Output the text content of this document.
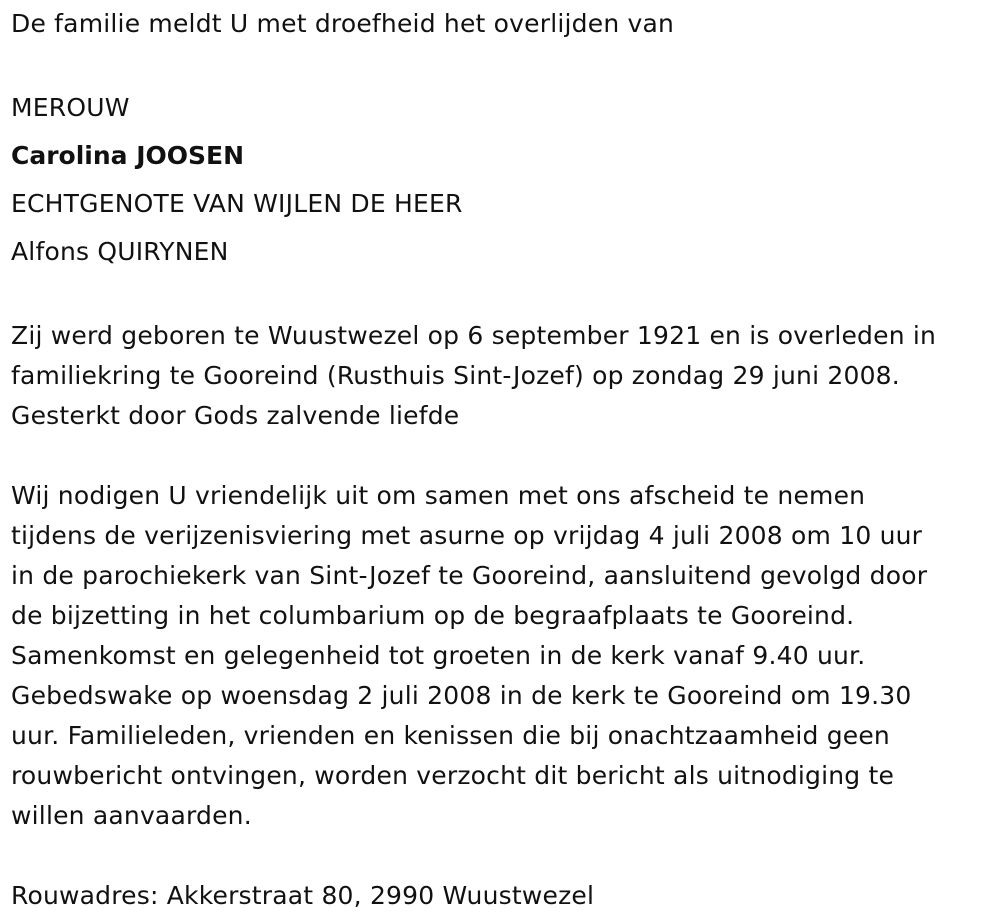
De familie meldt U met droefheid het overlijden van
MEROUW
Carolina JOOSEN
ECHTGENOTE VAN WIJLEN DE HEER
Alfons QUIRYNEN
Zij werd geboren te Wuustwezel op 6 september 1921 en is overleden in
familiekring te Gooreind (Rusthuis Sint-Jozef) op zondag 29 juni 2008.
Gesterkt door Gods zalvende liefde
Wij nodigen U vriendelijk uit om samen met ons afscheid te nemen
tijdens de verijzenisviering met asurne op vrijdag 4 juli 2008 om 10 uur
in de parochiekerk van Sint-Jozef te Gooreind, aansluitend gevolgd door
de bijzetting in het columbarium op de begraafplaats te Gooreind.
Samenkomst en gelegenheid tot groeten in de kerk vanaf 9.40 uur.
Gebedswake op woensdag 2 juli 2008 in de kerk te Gooreind om 19.30
uur. Familieleden, vrienden en kenissen die bij onachtzaamheid geen
rouwbericht ontvingen, worden verzocht dit bericht als uitnodiging te
willen aanvaarden.
Rouwadres: Akkerstraat 80, 2990 Wuustwezel
